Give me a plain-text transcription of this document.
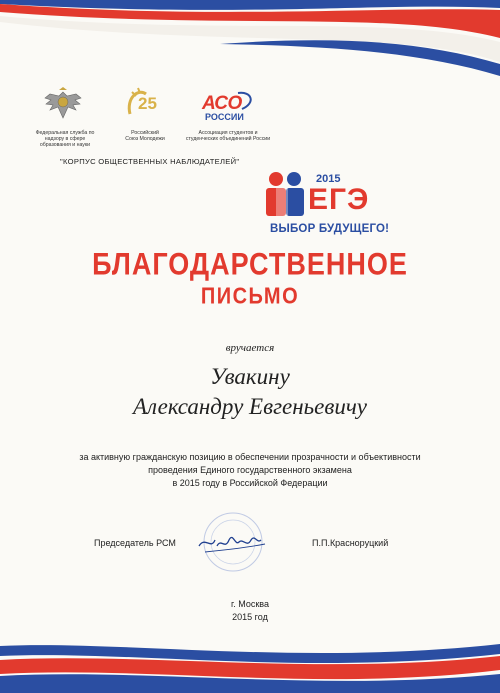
Федеральная служба по надзору в сфере образования и науки
25
Российский
Союз Молодежи
АСО
РОССИИ
Ассоциация студентов и студенческих объединений России
"КОРПУС ОБЩЕСТВЕННЫХ НАБЛЮДАТЕЛЕЙ"
2015
ЕГЭ
ВЫБОР БУДУЩЕГО!
БЛАГОДАРСТВЕННОЕ
ПИСЬМО
вручается
Увакину
Александру Евгеньевичу
за активную гражданскую позицию в обеспечении прозрачности и объективности
проведения Единого государственного экзамена
в 2015 году в Российской Федерации
Председатель РСМ	П.П.Красноруцкий
г. Москва
2015 год
